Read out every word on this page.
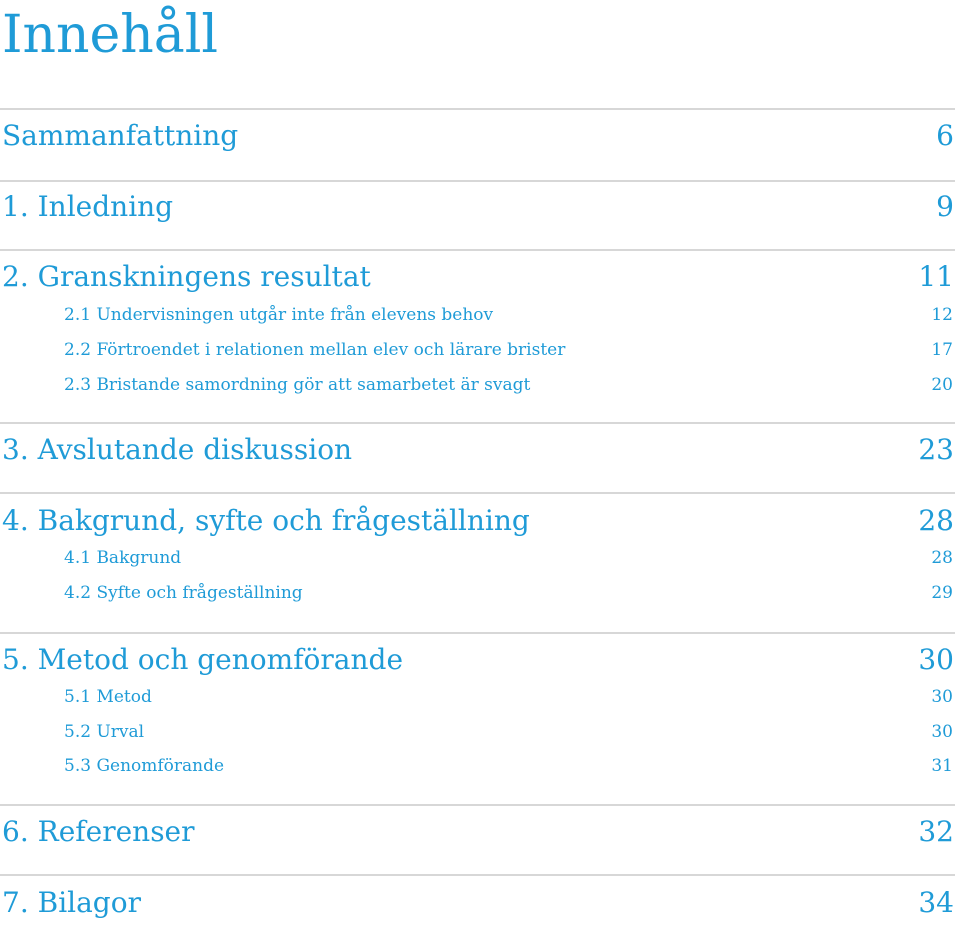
Innehåll
Sammanfattning	6
1. Inledning	9
2. Granskningens resultat	11
2.1 Undervisningen utgår inte från elevens behov	12
2.2 Förtroendet i relationen mellan elev och lärare brister	17
2.3 Bristande samordning gör att samarbetet är svagt	20
3. Avslutande diskussion	23
4. Bakgrund, syfte och frågeställning	28
4.1 Bakgrund	28
4.2 Syfte och frågeställning	29
5. Metod och genomförande	30
5.1 Metod	30
5.2 Urval	30
5.3 Genomförande	31
6. Referenser	32
7. Bilagor	34
